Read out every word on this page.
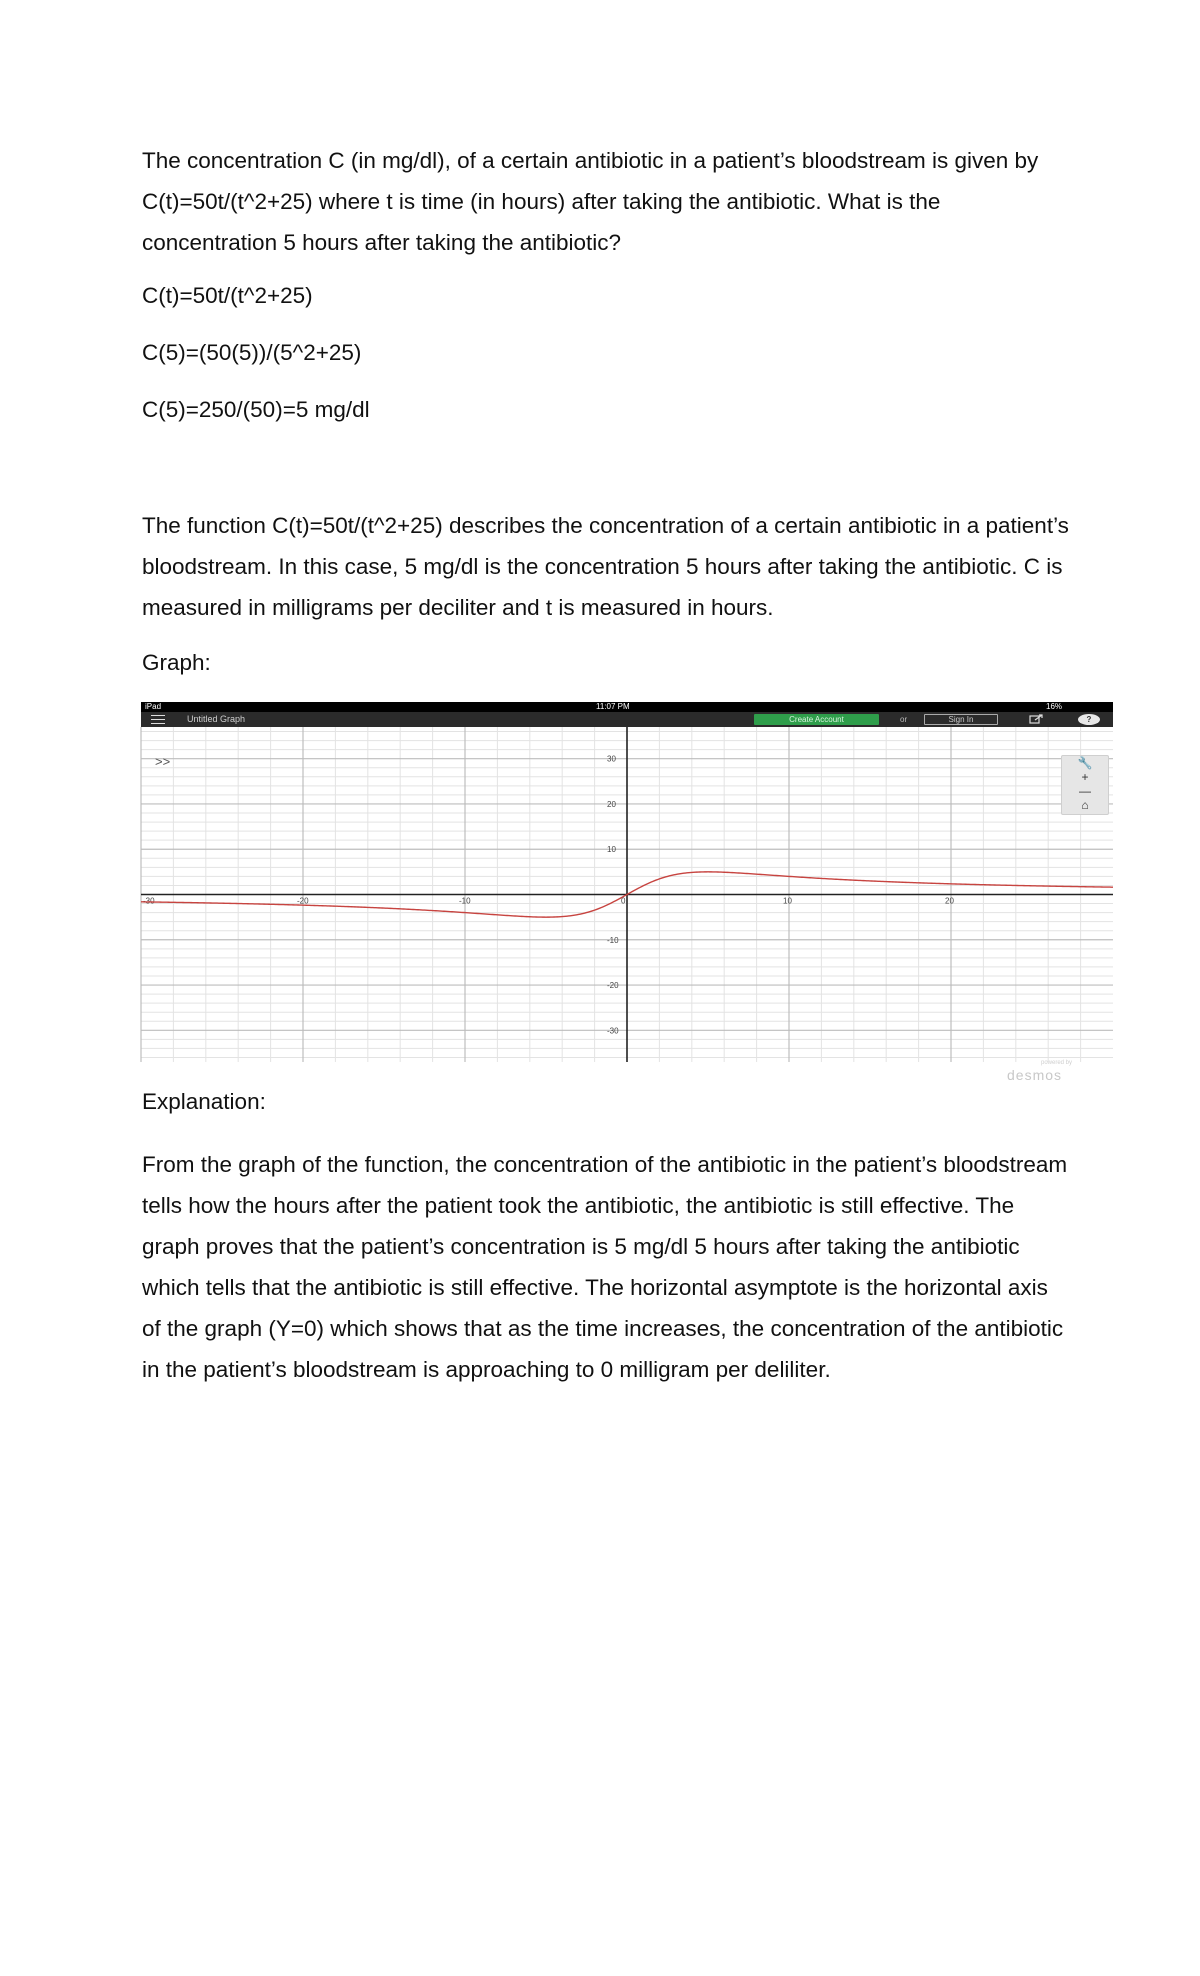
The concentration C (in mg/dl), of a certain antibiotic in a patient’s bloodstream is given by C(t)=50t/(t^2+25) where t is time (in hours) after taking the antibiotic. What is the concentration 5 hours after taking the antibiotic?

C(t)=50t/(t^2+25)

C(5)=(50(5))/(5^2+25)

C(5)=250/(50)=5 mg/dl

The function C(t)=50t/(t^2+25) describes the concentration of a certain antibiotic in a patient’s bloodstream. In this case, 5 mg/dl is the concentration 5 hours after taking the antibiotic. C is measured in milligrams per deciliter and t is measured in hours.

Graph:

iPad	11:07 PM	16%
Untitled Graph	Create Account	or	Sign In	?
-30	-20	-10	0	10	20
30
20
10
-10
-20
-30
>>	🔧
+
—
⌂
powered by
desmos

Explanation:

From the graph of the function, the concentration of the antibiotic in the patient’s bloodstream tells how the hours after the patient took the antibiotic, the antibiotic is still effective. The graph proves that the patient’s concentration is 5 mg/dl 5 hours after taking the antibiotic which tells that the antibiotic is still effective. The horizontal asymptote is the horizontal axis of the graph (Y=0) which shows that as the time increases, the concentration of the antibiotic in the patient’s bloodstream is approaching to 0 milligram per deliliter.
